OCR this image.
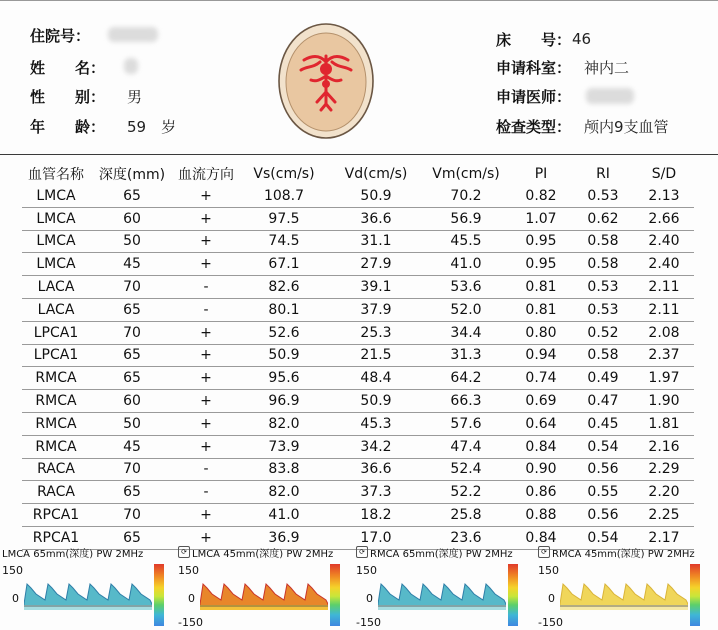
住院号：
姓　　名：
性　　别： 男
年　　龄： 59　岁
床　　号： 46
申请科室： 神内二
申请医师：
检查类型： 颅内9支血管
血管名称	深度(mm)	血流方向	Vs(cm/s)	Vd(cm/s)	Vm(cm/s)	PI	RI	S/D
LMCA	65	+	108.7	50.9	70.2	0.82	0.53	2.13
LMCA	60	+	97.5	36.6	56.9	1.07	0.62	2.66
LMCA	50	+	74.5	31.1	45.5	0.95	0.58	2.40
LMCA	45	+	67.1	27.9	41.0	0.95	0.58	2.40
LACA	70	-	82.6	39.1	53.6	0.81	0.53	2.11
LACA	65	-	80.1	37.9	52.0	0.81	0.53	2.11
LPCA1	70	+	52.6	25.3	34.4	0.80	0.52	2.08
LPCA1	65	+	50.9	21.5	31.3	0.94	0.58	2.37
RMCA	65	+	95.6	48.4	64.2	0.74	0.49	1.97
RMCA	60	+	96.9	50.9	66.3	0.69	0.47	1.90
RMCA	50	+	82.0	45.3	57.6	0.64	0.45	1.81
RMCA	45	+	73.9	34.2	47.4	0.84	0.54	2.16
RACA	70	-	83.8	36.6	52.4	0.90	0.56	2.29
RACA	65	-	82.0	37.3	52.2	0.86	0.55	2.20
RPCA1	70	+	41.0	18.2	25.8	0.88	0.56	2.25
RPCA1	65	+	36.9	17.0	23.6	0.84	0.54	2.17
LMCA 65mm(深度) PW 2MHz
150
0
⟳ LMCA 45mm(深度) PW 2MHz
150
0
-150
⟳ RMCA 65mm(深度) PW 2MHz
150
0
-150
⟳ RMCA 45mm(深度) PW 2MHz
150
0
-150
